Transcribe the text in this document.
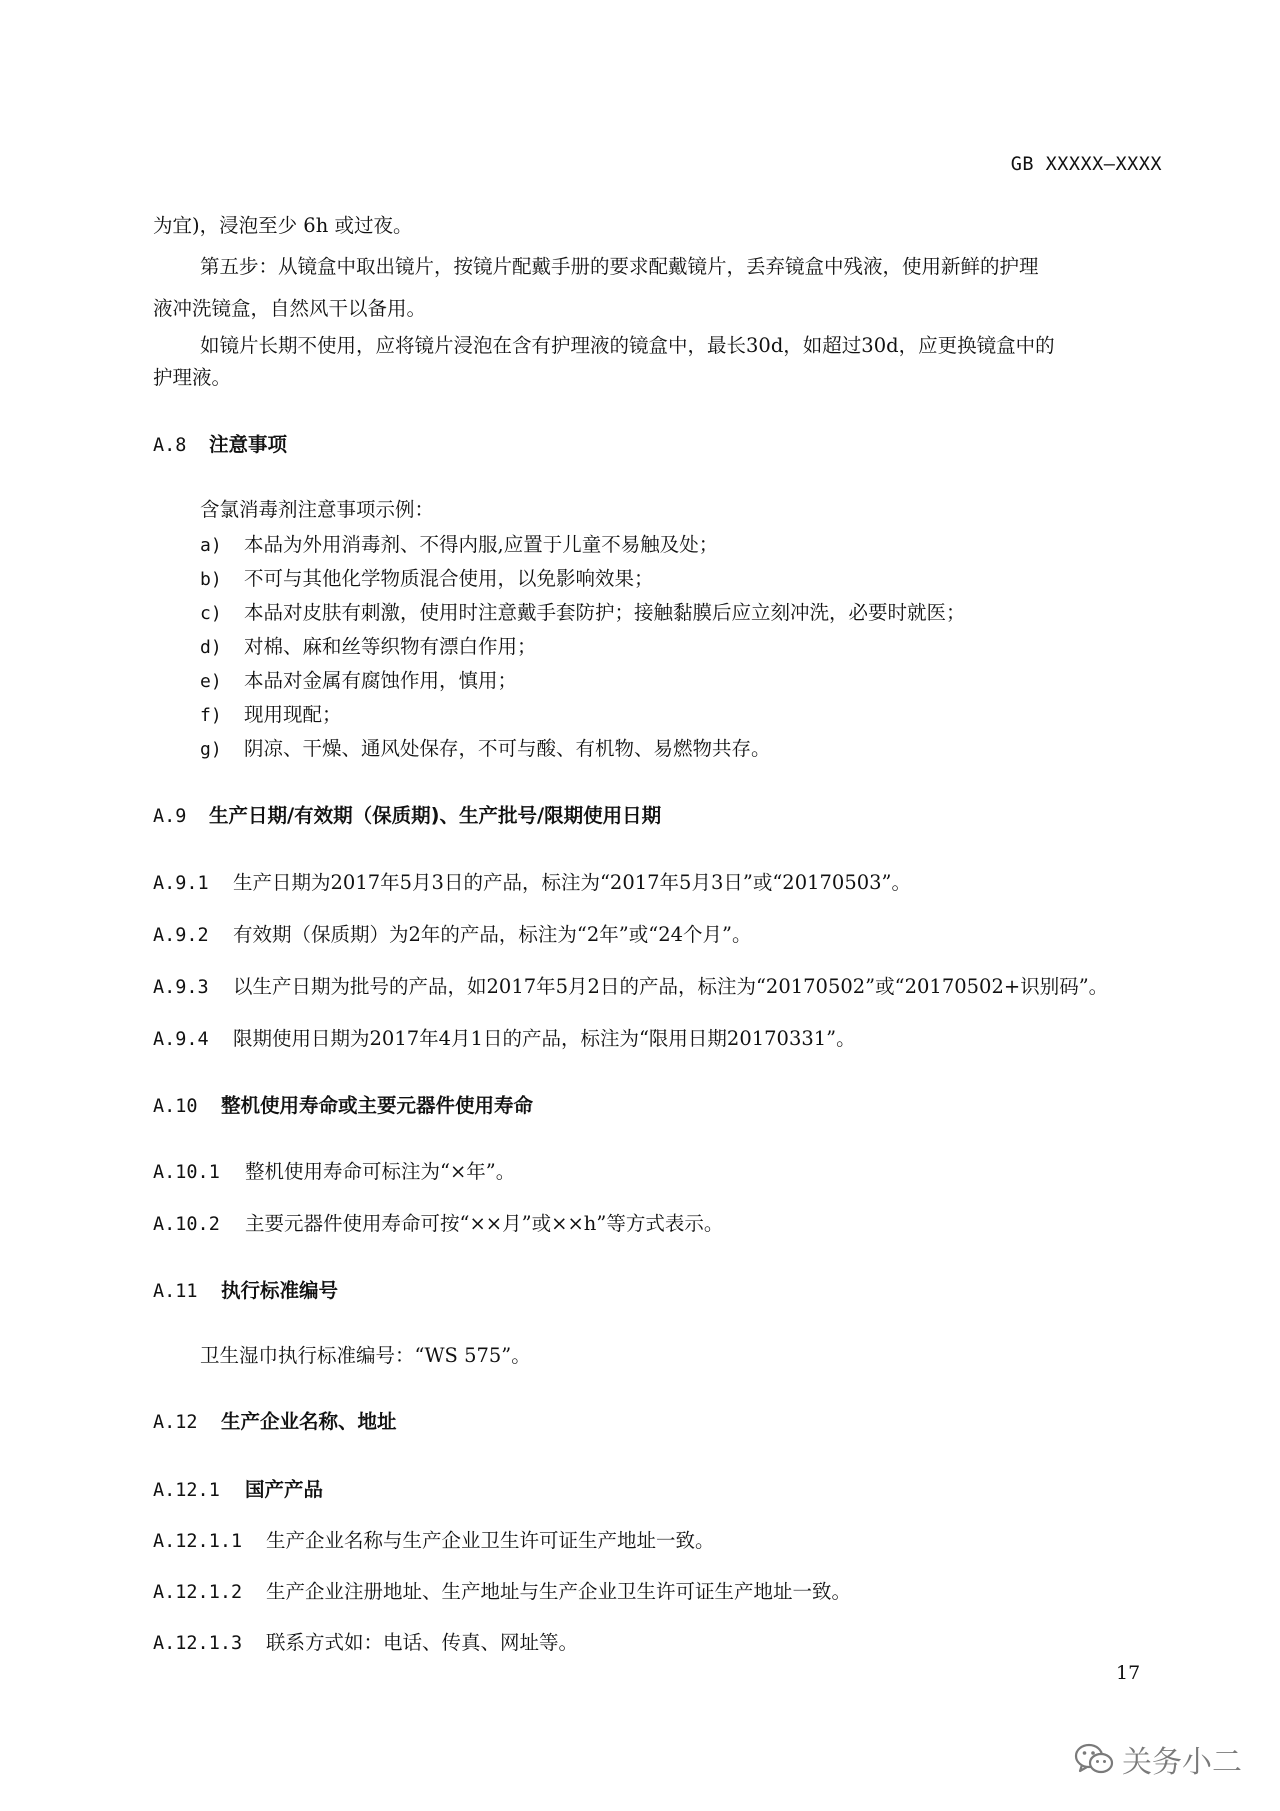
GB XXXXX—XXXX
为宜)，浸泡至少 6h 或过夜。
第五步：从镜盒中取出镜片，按镜片配戴手册的要求配戴镜片，丢弃镜盒中残液，使用新鲜的护理
液冲洗镜盒，自然风干以备用。
如镜片长期不使用，应将镜片浸泡在含有护理液的镜盒中，最长30d，如超过30d，应更换镜盒中的
护理液。
A.8 注意事项
含氯消毒剂注意事项示例：
a) 本品为外用消毒剂、不得内服,应置于儿童不易触及处；
b) 不可与其他化学物质混合使用，以免影响效果；
c) 本品对皮肤有刺激，使用时注意戴手套防护；接触黏膜后应立刻冲洗，必要时就医；
d) 对棉、麻和丝等织物有漂白作用；
e) 本品对金属有腐蚀作用，慎用；
f) 现用现配；
g) 阴凉、干燥、通风处保存，不可与酸、有机物、易燃物共存。
A.9 生产日期/有效期（保质期)、生产批号/限期使用日期
A.9.1 生产日期为2017年5月3日的产品，标注为“2017年5月3日”或“20170503”。
A.9.2 有效期（保质期）为2年的产品，标注为“2年”或“24个月”。
A.9.3 以生产日期为批号的产品，如2017年5月2日的产品，标注为“20170502”或“20170502+识别码”。
A.9.4 限期使用日期为2017年4月1日的产品，标注为“限用日期20170331”。
A.10 整机使用寿命或主要元器件使用寿命
A.10.1 整机使用寿命可标注为“×年”。
A.10.2 主要元器件使用寿命可按“××月”或××h”等方式表示。
A.11 执行标准编号
卫生湿巾执行标准编号：“WS 575”。
A.12 生产企业名称、地址
A.12.1 国产产品
A.12.1.1 生产企业名称与生产企业卫生许可证生产地址一致。
A.12.1.2 生产企业注册地址、生产地址与生产企业卫生许可证生产地址一致。
A.12.1.3 联系方式如：电话、传真、网址等。
17
关务小二
